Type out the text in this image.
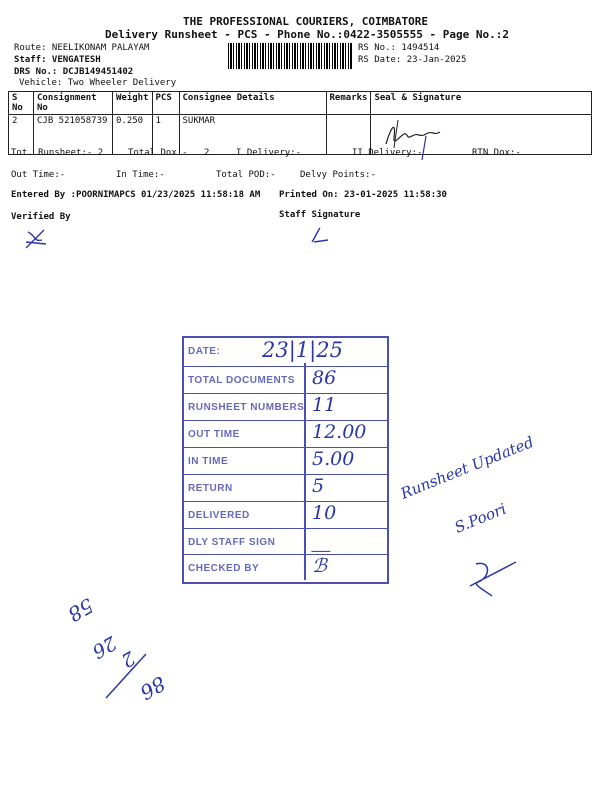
THE PROFESSIONAL COURIERS, COIMBATORE
Delivery Runsheet - PCS - Phone No.:0422-3505555 - Page No.:2
Route: NEELIKONAM PALAYAM
Staff: VENGATESH
DRS No.: DCJB149451402
Vehicle: Two Wheeler Delivery
RS No.: 1494514
RS Date: 23-Jan-2025
S No	Consignment No	Weight	PCS	Consignee Details	Remarks	Seal & Signature
2	CJB 521058739	0.250	1	SUKMAR		
Tot. Runsheet:- 2	Total Dox:- 2	I Delivery:-	II Delivery:-	RTN Dox:-
Out Time:-	In Time:-	Total POD:-	Delvy Points:-
Entered By :POORNIMAPCS 01/23/2025 11:58:18 AM Printed On: 23-01-2025 11:58:30
Verified By	Staff Signature
DATE: 23|1|25
TOTAL DOCUMENTS 86
RUNSHEET NUMBERS 11
OUT TIME	12.00
IN TIME	5.00
RETURN	5
DELIVERED	10
DLY STAFF SIGN ⸏
CHECKED BY	ℬ
Runsheet Updated
S.Poori
58
26
2
86
